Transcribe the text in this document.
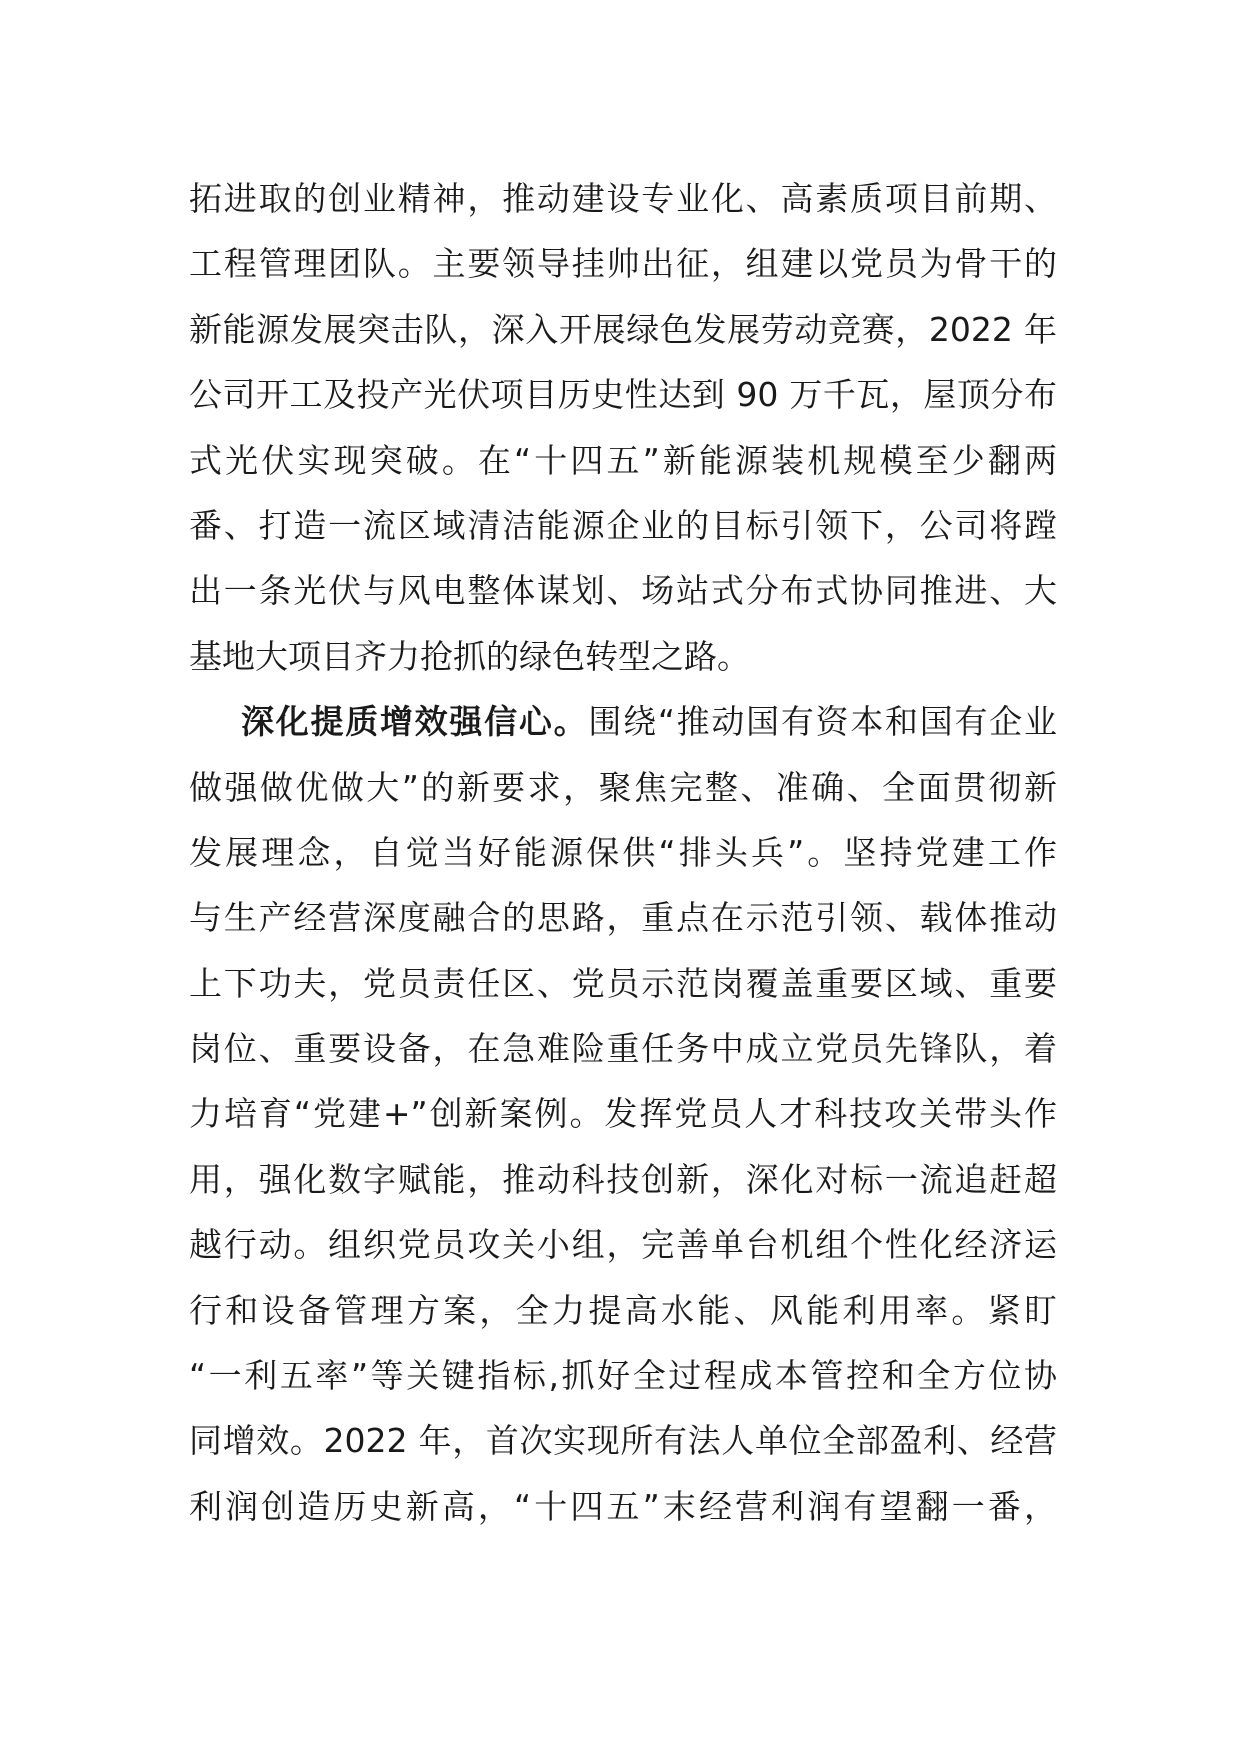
拓进取的创业精神，推动建设专业化、高素质项目前期、
工程管理团队。主要领导挂帅出征，组建以党员为骨干的
新能源发展突击队，深入开展绿色发展劳动竞赛，2022 年
公司开工及投产光伏项目历史性达到 90 万千瓦，屋顶分布
式光伏实现突破。在“十四五”新能源装机规模至少翻两
番、打造一流区域清洁能源企业的目标引领下，公司将蹚
出一条光伏与风电整体谋划、场站式分布式协同推进、大
基地大项目齐力抢抓的绿色转型之路。
深化提质增效强信心。围绕“推动国有资本和国有企业
做强做优做大”的新要求，聚焦完整、准确、全面贯彻新
发展理念，自觉当好能源保供“排头兵”。坚持党建工作
与生产经营深度融合的思路，重点在示范引领、载体推动
上下功夫，党员责任区、党员示范岗覆盖重要区域、重要
岗位、重要设备，在急难险重任务中成立党员先锋队，着
力培育“党建+”创新案例。发挥党员人才科技攻关带头作
用，强化数字赋能，推动科技创新，深化对标一流追赶超
越行动。组织党员攻关小组，完善单台机组个性化经济运
行和设备管理方案，全力提高水能、风能利用率。紧盯
“一利五率”等关键指标,抓好全过程成本管控和全方位协
同增效。2022 年，首次实现所有法人单位全部盈利、经营
利润创造历史新高，“十四五”末经营利润有望翻一番，
